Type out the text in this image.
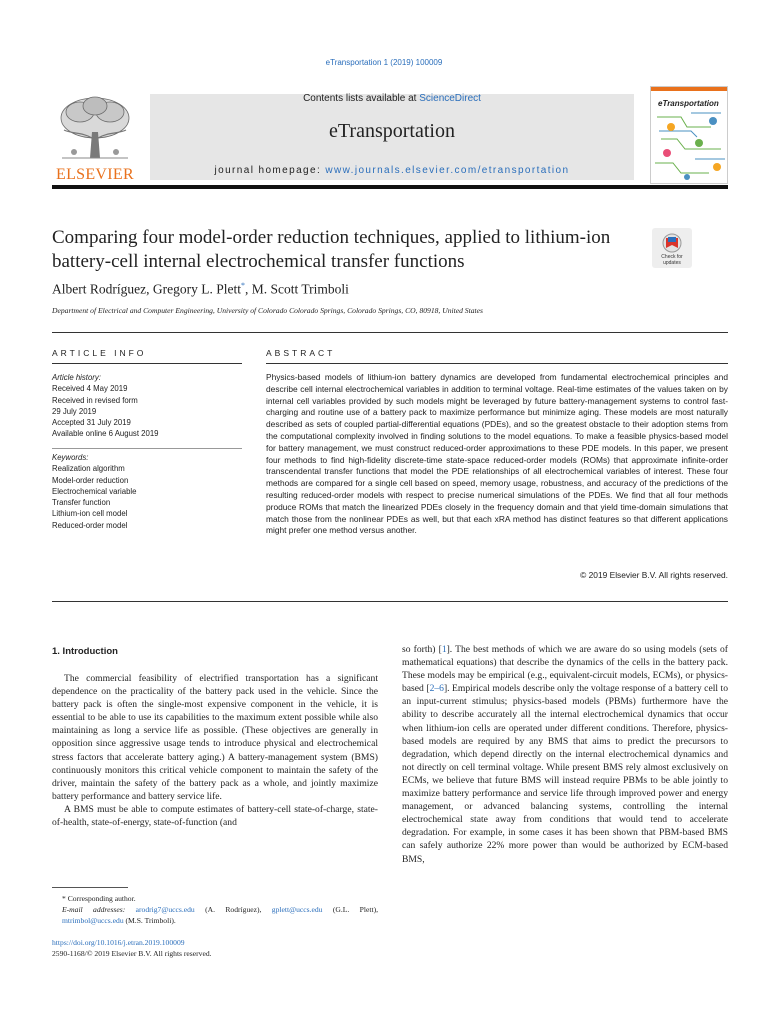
eTransportation 1 (2019) 100009
ELSEVIER
Contents lists available at ScienceDirect
eTransportation
journal homepage: www.journals.elsevier.com/etransportation
eTransportation
Comparing four model-order reduction techniques, applied to lithium-ion battery-cell internal electrochemical transfer functions	Check for updates
Albert Rodríguez, Gregory L. Plett*, M. Scott Trimboli
Department of Electrical and Computer Engineering, University of Colorado Colorado Springs, Colorado Springs, CO, 80918, United States
ARTICLE INFO	ABSTRACT
Article history:
Received 4 May 2019
Received in revised form
29 July 2019
Accepted 31 July 2019
Available online 6 August 2019
Keywords:
Realization algorithm
Model-order reduction
Electrochemical variable
Transfer function
Lithium-ion cell model
Reduced-order model
Physics-based models of lithium-ion battery dynamics are developed from fundamental electrochemical principles and describe cell internal electrochemical variables in addition to terminal voltage. Real-time estimates of the values taken on by internal cell variables provided by such models might be leveraged by future battery-management systems to control fast-charging and routine use of a battery pack to maximize performance but minimize aging. These models are most naturally described as sets of coupled partial-differential equations (PDEs), and so the greatest obstacle to their adoption stems from the computational complexity involved in finding solutions to the model equations. To make a feasible physics-based model for battery management, we must construct reduced-order approximations to these PDE models. In this paper, we present four methods to find high-fidelity discrete-time state-space reduced-order models (ROMs) that approximate infinite-order transcendental transfer functions that model the PDE relationships of all electrochemical variables of interest. These four methods are compared for a single cell based on speed, memory usage, robustness, and accuracy of the predictions of the resulting reduced-order models with respect to precise numerical simulations of the PDEs. We find that all four methods produce ROMs that match the linearized PDEs closely in the frequency domain and that yield time-domain simulations that match those from the nonlinear PDEs as well, but that each xRA method has distinct features so that different applications might prefer one method versus another.
© 2019 Elsevier B.V. All rights reserved.
1. Introduction

The commercial feasibility of electrified transportation has a significant dependence on the practicality of the battery pack used in the vehicle. Since the battery pack is often the single-most expensive component in the vehicle, it is essential to be able to use its capabilities to the maximum extent possible while also maintaining as long a service life as possible. (These objectives are generally in opposition since aggressive usage tends to introduce physical and electrochemical stress factors that accelerate battery aging.) A battery-management system (BMS) continuously monitors this critical vehicle component to maintain the safety of the driver, maintain the safety of the battery pack as a whole, and jointly maximize battery performance and battery service life.

A BMS must be able to compute estimates of battery-cell state-of-charge, state-of-health, state-of-energy, state-of-function (and

so forth) [1]. The best methods of which we are aware do so using models (sets of mathematical equations) that describe the dynamics of the cells in the battery pack. These models may be empirical (e.g., equivalent-circuit models, ECMs), or physics-based [2–6]. Empirical models describe only the voltage response of a battery cell to an input-current stimulus; physics-based models (PBMs) furthermore have the ability to describe accurately all the internal electrochemical dynamics that occur when lithium-ion cells are operated under different conditions. Therefore, physics-based models are required by any BMS that aims to predict the precursors to degradation, which depend directly on the internal electrochemical dynamics and not directly on cell terminal voltage. While present BMS rely almost exclusively on ECMs, we believe that future BMS will instead require PBMs to be able jointly to maximize battery performance and service life through improved power and energy management, or advanced balancing systems, controlling the internal electrochemical state away from conditions that would tend to accelerate degradation. For example, in some cases it has been shown that PBM-based BMS can safely authorize 22% more power than would be authorized by ECM-based BMS,

* Corresponding author.
E-mail addresses: arodrig7@uccs.edu (A. Rodríguez), gplett@uccs.edu (G.L. Plett), mtrimbol@uccs.edu (M.S. Trimboli).
https://doi.org/10.1016/j.etran.2019.100009
2590-1168/© 2019 Elsevier B.V. All rights reserved.
